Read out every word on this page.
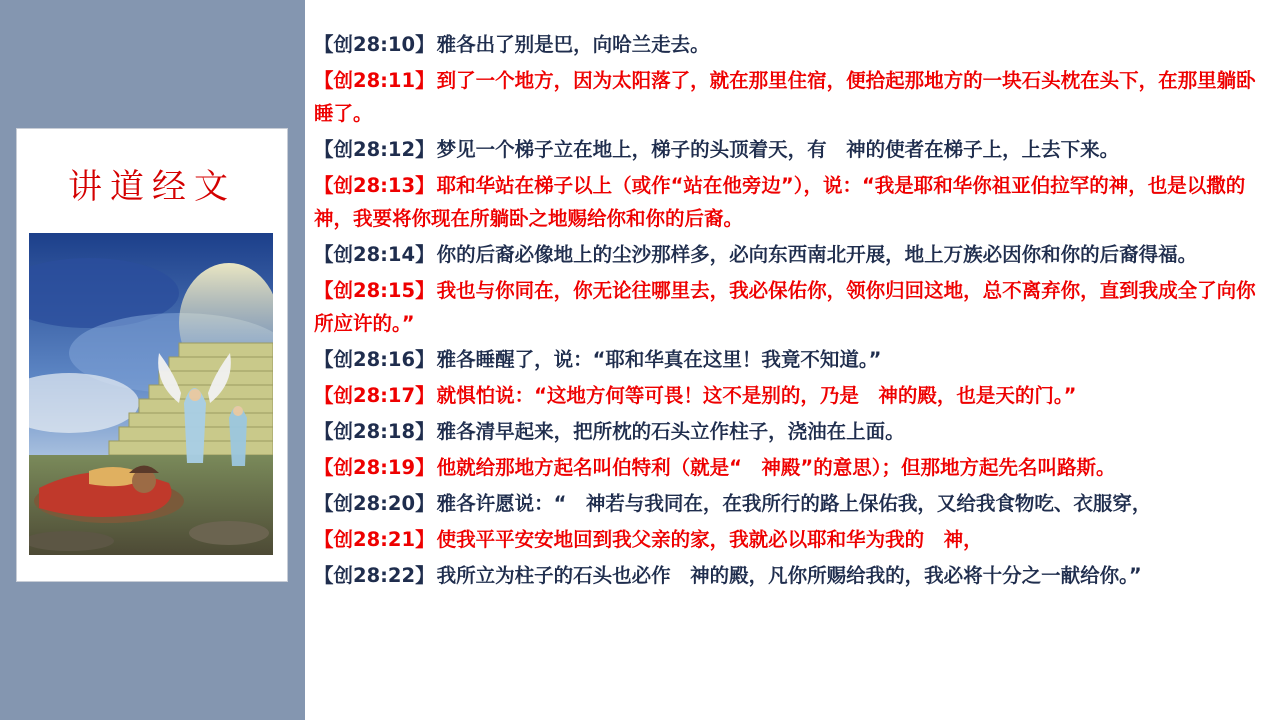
讲道经文

【创28:10】 雅各出了别是巴，向哈兰走去。

【创28:11】 到了一个地方，因为太阳落了，就在那里住宿，便拾起那地方的一块石头枕在头下，在那里躺卧睡了。

【创28:12】 梦见一个梯子立在地上，梯子的头顶着天，有　神的使者在梯子上，上去下来。

【创28:13】 耶和华站在梯子以上（或作“站在他旁边”），说：“我是耶和华你祖亚伯拉罕的神，也是以撒的　神，我要将你现在所躺卧之地赐给你和你的后裔。

【创28:14】 你的后裔必像地上的尘沙那样多，必向东西南北开展，地上万族必因你和你的后裔得福。

【创28:15】 我也与你同在，你无论往哪里去，我必保佑你，领你归回这地，总不离弃你，直到我成全了向你所应许的。”

【创28:16】 雅各睡醒了，说：“耶和华真在这里！我竟不知道。”

【创28:17】 就惧怕说：“这地方何等可畏！这不是别的，乃是　神的殿，也是天的门。”

【创28:18】 雅各清早起来，把所枕的石头立作柱子，浇油在上面。

【创28:19】 他就给那地方起名叫伯特利（就是“　神殿”的意思）；但那地方起先名叫路斯。

【创28:20】 雅各许愿说：“　神若与我同在，在我所行的路上保佑我，又给我食物吃、衣服穿，

【创28:21】 使我平平安安地回到我父亲的家，我就必以耶和华为我的　神，

【创28:22】 我所立为柱子的石头也必作　神的殿，凡你所赐给我的，我必将十分之一献给你。”
